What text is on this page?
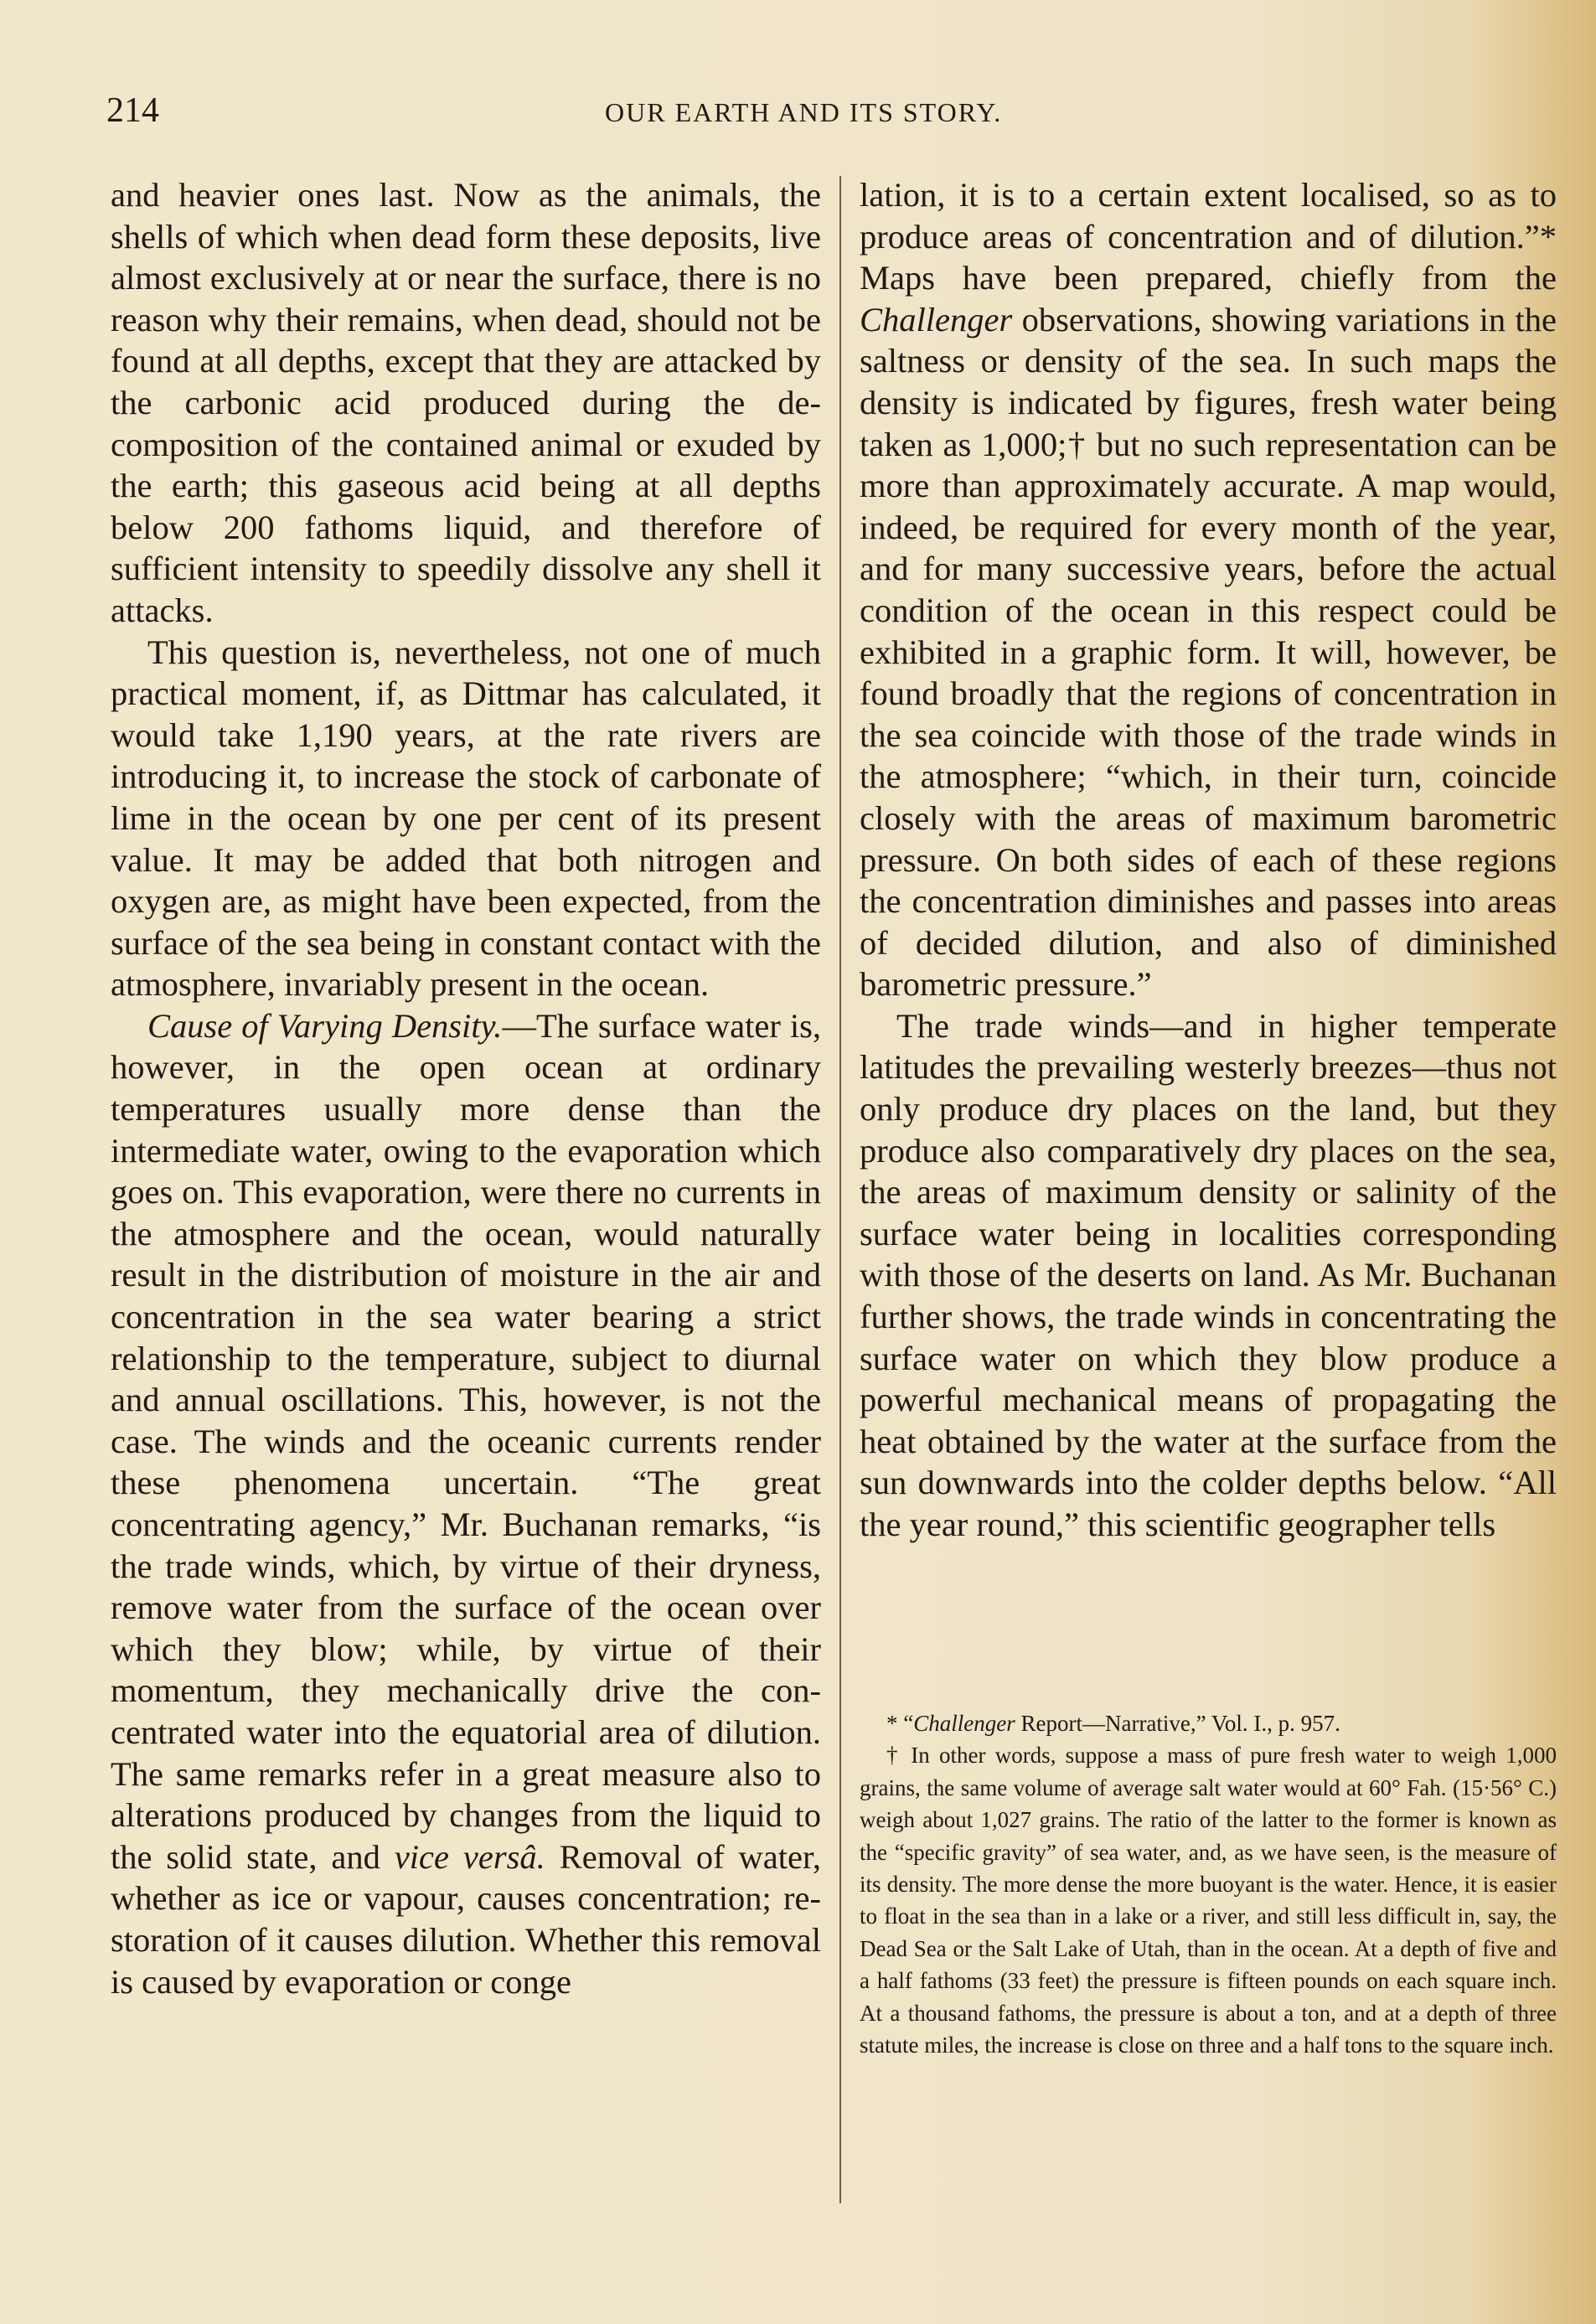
214	OUR EARTH AND ITS STORY.

and heavier ones last. Now as the animals, the shells of which when dead form these deposits, live almost exclusively at or near the surface, there is no reason why their remains, when dead, should not be found at all depths, except that they are attacked by the carbonic acid produced during the decomposition of the contained animal or exuded by the earth; this gaseous acid being at all depths below 200 fathoms liquid, and therefore of sufficient intensity to speedily dissolve any shell it attacks.

This question is, nevertheless, not one of much practical moment, if, as Dittmar has calculated, it would take 1,190 years, at the rate rivers are introducing it, to increase the stock of carbonate of lime in the ocean by one per cent of its present value. It may be added that both nitrogen and oxygen are, as might have been expected, from the surface of the sea being in constant contact with the atmosphere, invariably present in the ocean.

Cause of Varying Density.—The surface water is, however, in the open ocean at ordinary temperatures usually more dense than the intermediate water, owing to the evaporation which goes on. This evaporation, were there no currents in the atmosphere and the ocean, would naturally result in the distribution of moisture in the air and concentration in the sea water bearing a strict relationship to the temperature, subject to diurnal and annual oscillations. This, however, is not the case. The winds and the oceanic currents render these phenomena uncertain. “The great concentrating agency,” Mr. Buchanan remarks, “is the trade winds, which, by virtue of their dryness, remove water from the surface of the ocean over which they blow; while, by virtue of their momentum, they mechanically drive the concentrated water into the equatorial area of dilution. The same remarks refer in a great measure also to alterations produced by changes from the liquid to the solid state, and vice versâ. Removal of water, whether as ice or vapour, causes concentration; restoration of it causes dilution. Whether this removal is caused by evaporation or conge

lation, it is to a certain extent localised, so as to produce areas of concentration and of dilution.”* Maps have been prepared, chiefly from the Challenger observations, showing variations in the saltness or density of the sea. In such maps the density is indicated by figures, fresh water being taken as 1,000;† but no such representation can be more than approximately accurate. A map would, indeed, be required for every month of the year, and for many successive years, before the actual condition of the ocean in this respect could be exhibited in a graphic form. It will, however, be found broadly that the regions of concentration in the sea coincide with those of the trade winds in the atmosphere; “which, in their turn, coincide closely with the areas of maximum barometric pressure. On both sides of each of these regions the concentration diminishes and passes into areas of decided dilution, and also of diminished barometric pressure.”

The trade winds—and in higher temperate latitudes the prevailing westerly breezes—thus not only produce dry places on the land, but they produce also comparatively dry places on the sea, the areas of maximum density or salinity of the surface water being in localities corresponding with those of the deserts on land. As Mr. Buchanan further shows, the trade winds in concentrating the surface water on which they blow produce a powerful mechanical means of propagating the heat obtained by the water at the surface from the sun downwards into the colder depths below. “All the year round,” this scientific geographer tells

* “Challenger Report—Narrative,” Vol. I., p. 957.

† In other words, suppose a mass of pure fresh water to weigh 1,000 grains, the same volume of average salt water would at 60° Fah. (15·56° C.) weigh about 1,027 grains. The ratio of the latter to the former is known as the “specific gravity” of sea water, and, as we have seen, is the measure of its density. The more dense the more buoyant is the water. Hence, it is easier to float in the sea than in a lake or a river, and still less difficult in, say, the Dead Sea or the Salt Lake of Utah, than in the ocean. At a depth of five and a half fathoms (33 feet) the pressure is fifteen pounds on each square inch. At a thousand fathoms, the pressure is about a ton, and at a depth of three statute miles, the increase is close on three and a half tons to the square inch.
